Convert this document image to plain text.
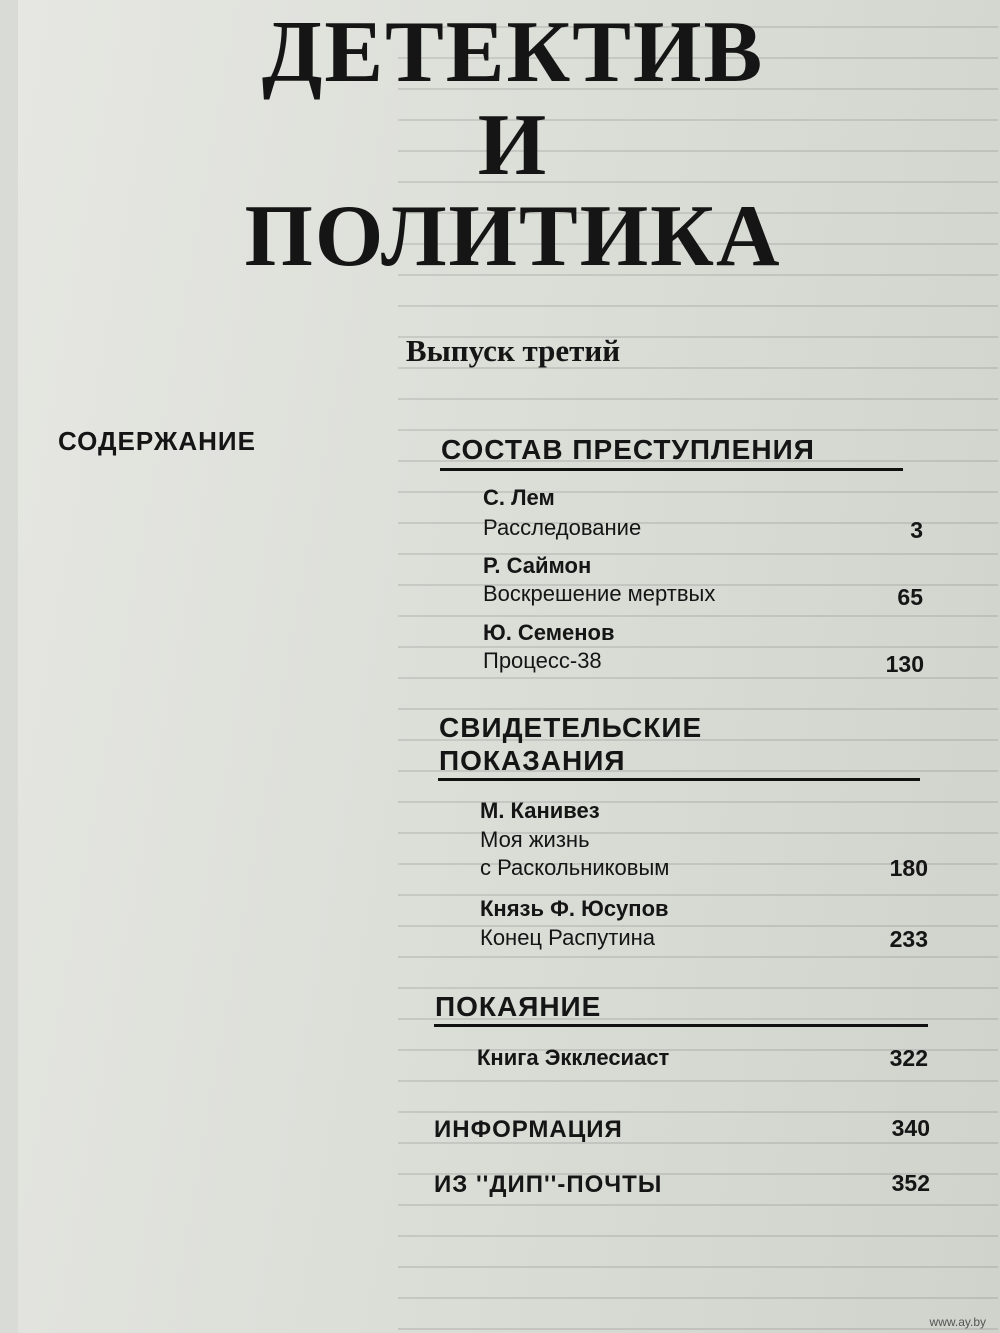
ДЕТЕКТИВ
И
ПОЛИТИКА
Выпуск третий
СОДЕРЖАНИЕ	СОСТАВ ПРЕСТУПЛЕНИЯ
С. Лем
Расследование	3
Р. Саймон
Воскрешение мертвых	65
Ю. Семенов
Процесс-38	130
СВИДЕТЕЛЬСКИЕ
ПОКАЗАНИЯ
М. Канивез
Моя жизнь
с Раскольниковым	180
Князь Ф. Юсупов
Конец Распутина	233
ПОКАЯНИЕ
Книга Экклесиаст	322
ИНФОРМАЦИЯ	340
ИЗ ''ДИП''-ПОЧТЫ	352
www.ay.by
